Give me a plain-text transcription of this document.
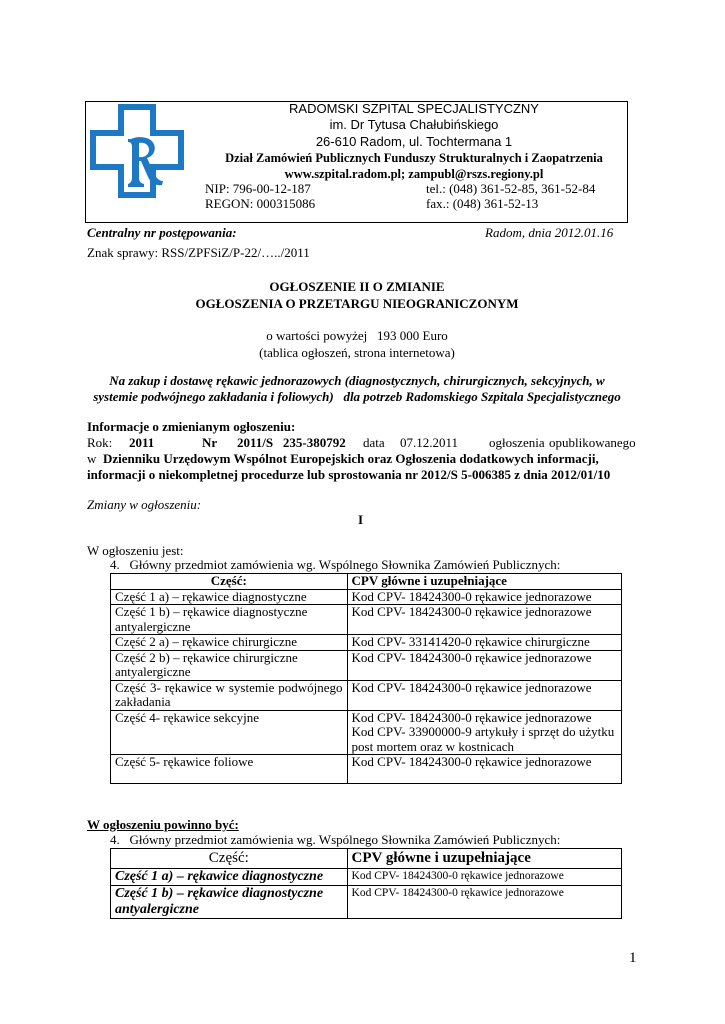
RADOMSKI SZPITAL SPECJALISTYCZNY
im. Dr Tytusa Chałubińskiego
26-610 Radom, ul. Tochtermana 1
Dział Zamówień Publicznych Funduszy Strukturalnych i Zaopatrzenia
www.szpital.radom.pl; zampubl@rszs.regiony.pl
NIP: 796-00-12-187	tel.: (048) 361-52-85, 361-52-84
REGON: 000315086	fax.: (048) 361-52-13
Centralny nr postępowania:	Radom, dnia 2012.01.16
Znak sprawy: RSS/ZPFSiZ/P-22/…../2011
OGŁOSZENIE II O ZMIANIE
OGŁOSZENIA O PRZETARGU NIEOGRANICZONYM
o wartości powyżej   193 000 Euro
(tablica ogłoszeń, strona internetowa)
Na zakup i dostawę rękawic jednorazowych (diagnostycznych, chirurgicznych, sekcyjnych, w
systemie podwójnego zakładania i foliowych)   dla potrzeb Radomskiego Szpitala Specjalistycznego
Informacje o zmienianym ogłoszeniu:
Rok: 2011	Nr 2011/S   235-380792 data 07.12.2011 ogłoszenia opublikowanego
w Dzienniku Urzędowym Wspólnot Europejskich oraz Ogłoszenia dodatkowych informacji,
informacji o niekompletnej procedurze lub sprostowania nr 2012/S 5-006385 z dnia 2012/01/10
Zmiany w ogłoszeniu:
I
W ogłoszeniu jest:
4.   Główny przedmiot zamówienia wg. Wspólnego Słownika Zamówień Publicznych:
Część:	CPV główne i uzupełniające
Część 1 a) – rękawice diagnostyczne	Kod CPV- 18424300-0 rękawice jednorazowe
Część 1 b) – rękawice diagnostyczne antyalergiczne	Kod CPV- 18424300-0 rękawice jednorazowe
Część 2 a) – rękawice chirurgiczne	Kod CPV- 33141420-0 rękawice chirurgiczne
Część 2 b) – rękawice chirurgiczne antyalergiczne	Kod CPV- 18424300-0 rękawice jednorazowe
Część 3- rękawice w systemie podwójnego zakładania	Kod CPV- 18424300-0 rękawice jednorazowe
Część 4- rękawice sekcyjne	Kod CPV- 18424300-0 rękawice jednorazowe
Kod CPV- 33900000-9 artykuły i sprzęt do użytku post mortem oraz w kostnicach

Część 5- rękawice foliowe	Kod CPV- 18424300-0 rękawice jednorazowe
W ogłoszeniu powinno być:
4.   Główny przedmiot zamówienia wg. Wspólnego Słownika Zamówień Publicznych:
Część:	CPV główne i uzupełniające
Część 1 a) – rękawice diagnostyczne	Kod CPV- 18424300-0 rękawice jednorazowe
Część 1 b) – rękawice diagnostyczne antyalergiczne	Kod CPV- 18424300-0 rękawice jednorazowe
1
